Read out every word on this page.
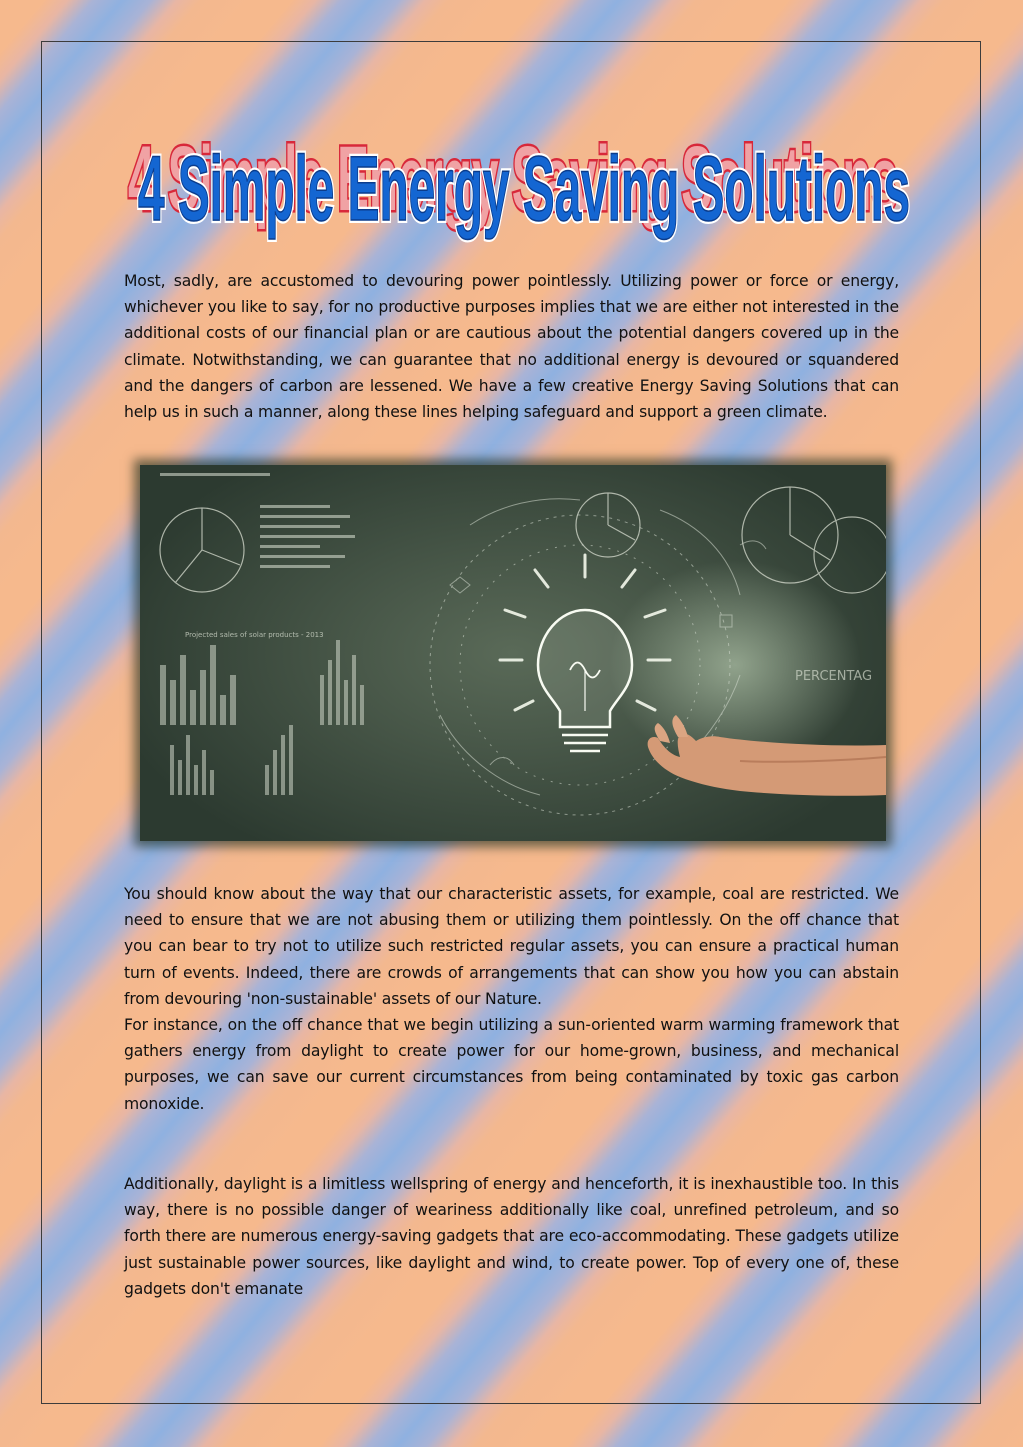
4 Simple Energy Saving Solutions
4 Simple Energy Saving Solutions
4 Simple Energy Saving Solutions

Most, sadly, are accustomed to devouring power pointlessly. Utilizing power or force or energy, whichever you like to say, for no productive purposes implies that we are either not interested in the additional costs of our financial plan or are cautious about the potential dangers covered up in the climate. Notwithstanding, we can guarantee that no additional energy is devoured or squandered and the dangers of carbon are lessened. We have a few creative Energy Saving Solutions that can help us in such a manner, along these lines helping safeguard and support a green climate.

Projected sales of solar products - 2013
PERCENTAG

You should know about the way that our characteristic assets, for example, coal are restricted. We need to ensure that we are not abusing them or utilizing them pointlessly. On the off chance that you can bear to try not to utilize such restricted regular assets, you can ensure a practical human turn of events. Indeed, there are crowds of arrangements that can show you how you can abstain from devouring 'non-sustainable' assets of our Nature.

For instance, on the off chance that we begin utilizing a sun-oriented warm warming framework that gathers energy from daylight to create power for our home-grown, business, and mechanical purposes, we can save our current circumstances from being contaminated by toxic gas carbon monoxide.

Additionally, daylight is a limitless wellspring of energy and henceforth, it is inexhaustible too. In this way, there is no possible danger of weariness additionally like coal, unrefined petroleum, and so forth there are numerous energy-saving gadgets that are eco-accommodating. These gadgets utilize just sustainable power sources, like daylight and wind, to create power. Top of every one of, these gadgets don't emanate
